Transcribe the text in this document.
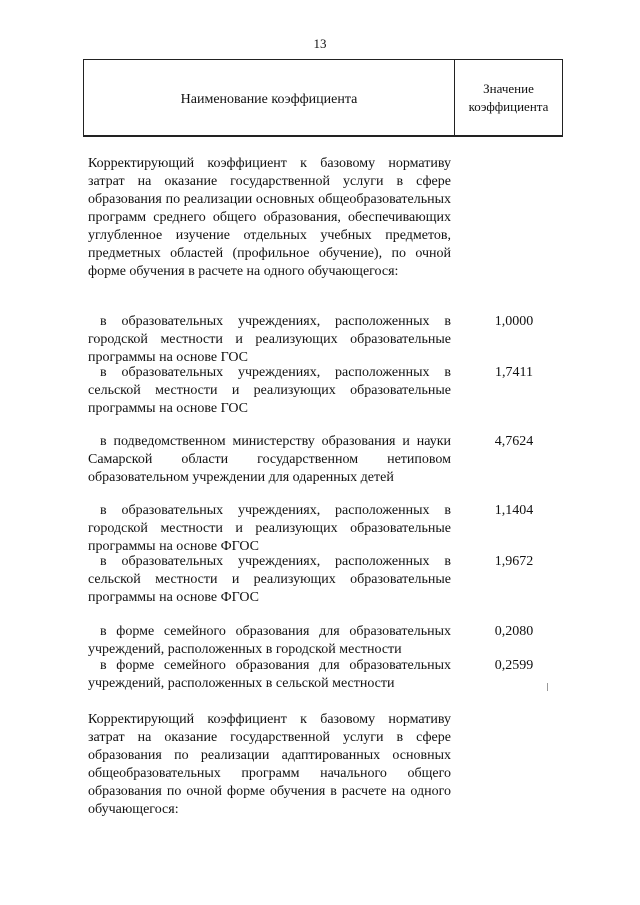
13
Наименование коэффициента
Значение
коэффициента
Корректирующий коэффициент к базовому нормативу затрат на оказание государственной услуги в сфере образования по реализации основных общеобразовательных программ среднего общего образования, обеспечивающих углубленное изучение отдельных учебных предметов, предметных областей (профильное обучение), по очной форме обучения в расчете на одного обучающегося:
в образовательных учреждениях, расположенных в городской местности и реализующих образовательные программы на основе ГОС
1,0000
в образовательных учреждениях, расположенных в сельской местности и реализующих образовательные программы на основе ГОС
1,7411
в подведомственном министерству образования и науки Самарской области государственном нетиповом образовательном учреждении для одаренных детей
4,7624
в образовательных учреждениях, расположенных в городской местности и реализующих образовательные программы на основе ФГОС
1,1404
в образовательных учреждениях, расположенных в сельской местности и реализующих образовательные программы на основе ФГОС
1,9672
в форме семейного образования для образовательных учреждений, расположенных в городской местности
0,2080
в форме семейного образования для образовательных учреждений, расположенных в сельской местности
0,2599
Корректирующий коэффициент к базовому нормативу затрат на оказание государственной услуги в сфере образования по реализации адаптированных основных общеобразовательных программ начального общего образования по очной форме обучения в расчете на одного обучающегося:
